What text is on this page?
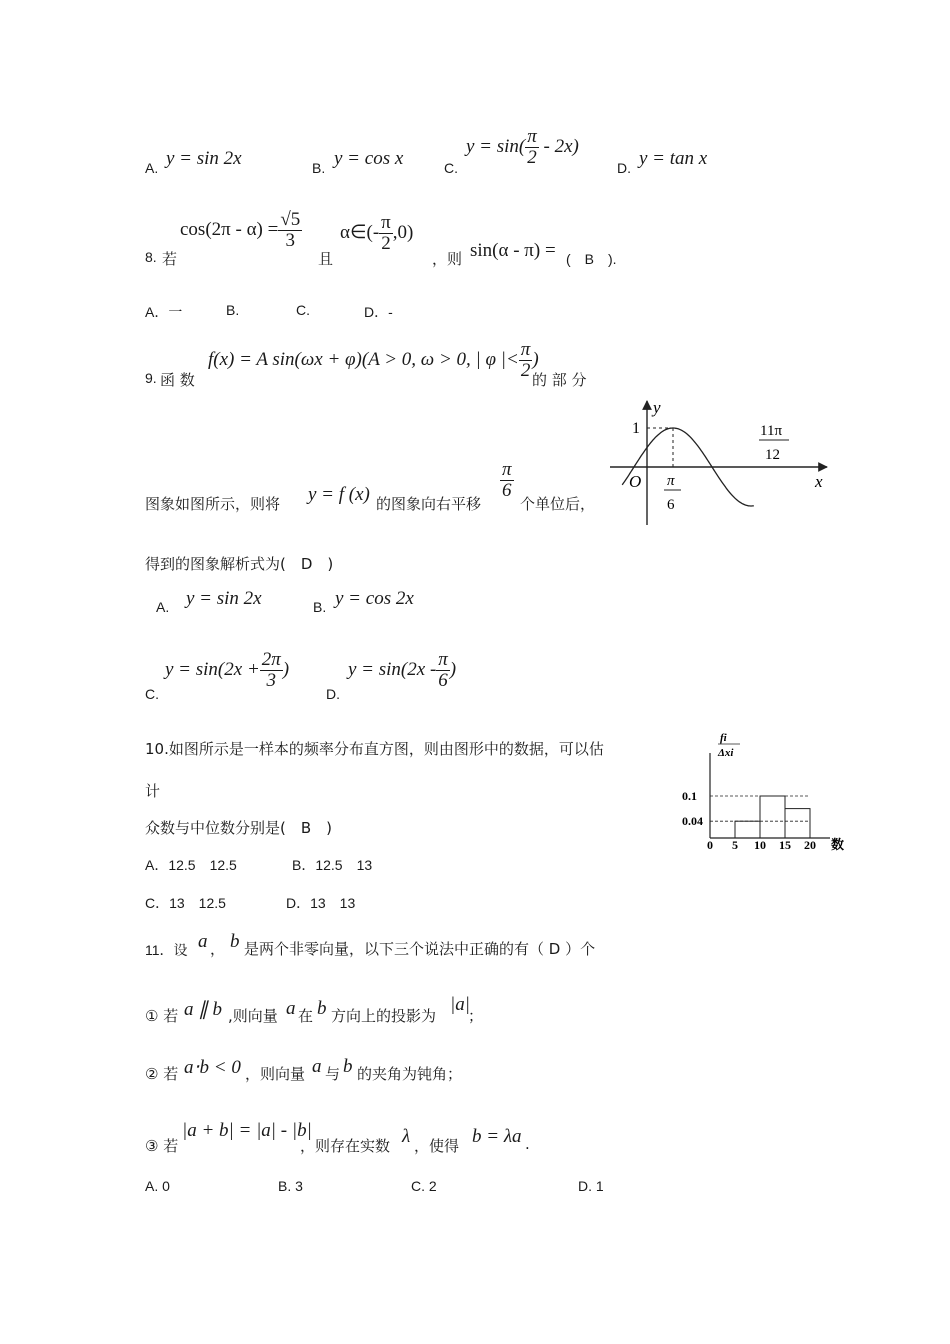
A. y = sin 2x	B. y = cos x	C.
$y = \sin( \frac{\pi}{2} - 2x)$
D. y = tan x
8. 若
$\cos(2\pi - \alpha) = \frac{√5}{3}$
且
α∈(- $\frac{\pi}{2} ,0$)
，则 sin(α - π) = (　B　).
A．一	B.	C.	D．-
9. 函 数
f(x) = A sin(ωx + φ)(A > 0, ω > 0, | φ |< $\frac{\pi}{2}$ )
的 部 分
图象如图所示，则将 y = f (x) 的图象向右平移
$\frac{\pi}{6}$
个单位后，
y
x
O
1
π
6
11π
12
得到的图象解析式为(　D　)
A. y = sin 2x	B. y = cos 2x
C.
$y = \sin(2x + \frac{2\pi}{3}$ )
D.
$y = \sin(2x - \frac{\pi}{6}$ )
10.如图所示是一样本的频率分布直方图，则由图形中的数据，可以估
计
众数与中位数分别是(　B　)
A．12.5　12.5	B．12.5　13
C．13　12.5	D．13　13
fi
Δxi
数
0 5 10 15 20
0.04
0.1
11．设 a ， b 是两个非零向量，以下三个说法中正确的有（ D ）个
① 若 a ∥ b ,则向量 a 在 b 方向上的投影为
|a|
；
② 若 a⋅b < 0 ，则向量 a 与 b 的夹角为钝角；
③ 若
|a + b| = |a| - |b|
，则存在实数 λ ，使得 b = λa .
A. 0	B. 3	C. 2	D. 1
